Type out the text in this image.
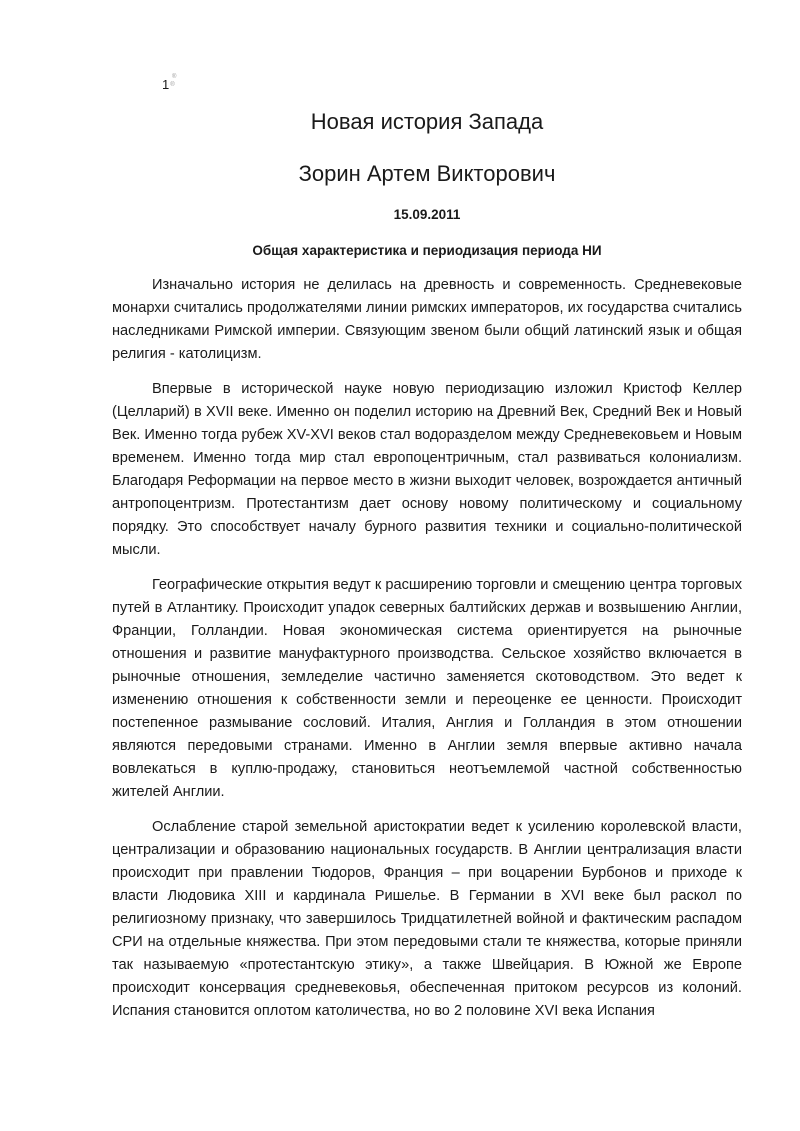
®
1®
Новая история Запада
Зорин Артем Викторович
15.09.2011
Общая характеристика и периодизация периода НИ

Изначально история не делилась на древность и современность. Средневековые монархи считались продолжателями линии римских императоров, их государства считались наследниками Римской империи. Связующим звеном были общий латинский язык и общая религия - католицизм.

Впервые в исторической науке новую периодизацию изложил Кристоф Келлер (Целларий) в XVII веке. Именно он поделил историю на Древний Век, Средний Век и Новый Век. Именно тогда рубеж XV-XVI веков стал водоразделом между Средневековьем и Новым временем. Именно тогда мир стал европоцентричным, стал развиваться колониализм. Благодаря Реформации на первое место в жизни выходит человек, возрождается античный антропоцентризм. Протестантизм дает основу новому политическому и социальному порядку. Это способствует началу бурного развития техники и социально-политической мысли.

Географические открытия ведут к расширению торговли и смещению центра торговых путей в Атлантику. Происходит упадок северных балтийских держав и возвышению Англии, Франции, Голландии. Новая экономическая система ориентируется на рыночные отношения и развитие мануфактурного производства. Сельское хозяйство включается в рыночные отношения, земледелие частично заменяется скотоводством. Это ведет к изменению отношения к собственности земли и переоценке ее ценности. Происходит постепенное размывание сословий. Италия, Англия и Голландия в этом отношении являются передовыми странами. Именно в Англии земля впервые активно начала вовлекаться в куплю-продажу, становиться неотъемлемой частной собственностью жителей Англии.

Ослабление старой земельной аристократии ведет к усилению королевской власти, централизации и образованию национальных государств. В Англии централизация власти происходит при правлении Тюдоров, Франция – при воцарении Бурбонов и приходе к власти Людовика XIII и кардинала Ришелье. В Германии в XVI веке был раскол по религиозному признаку, что завершилось Тридцатилетней войной и фактическим распадом СРИ на отдельные княжества. При этом передовыми стали те княжества, которые приняли так называемую «протестантскую этику», а также Швейцария. В Южной же Европе происходит консервация средневековья, обеспеченная притоком ресурсов из колоний. Испания становится оплотом католичества, но во 2 половине XVI века Испания
